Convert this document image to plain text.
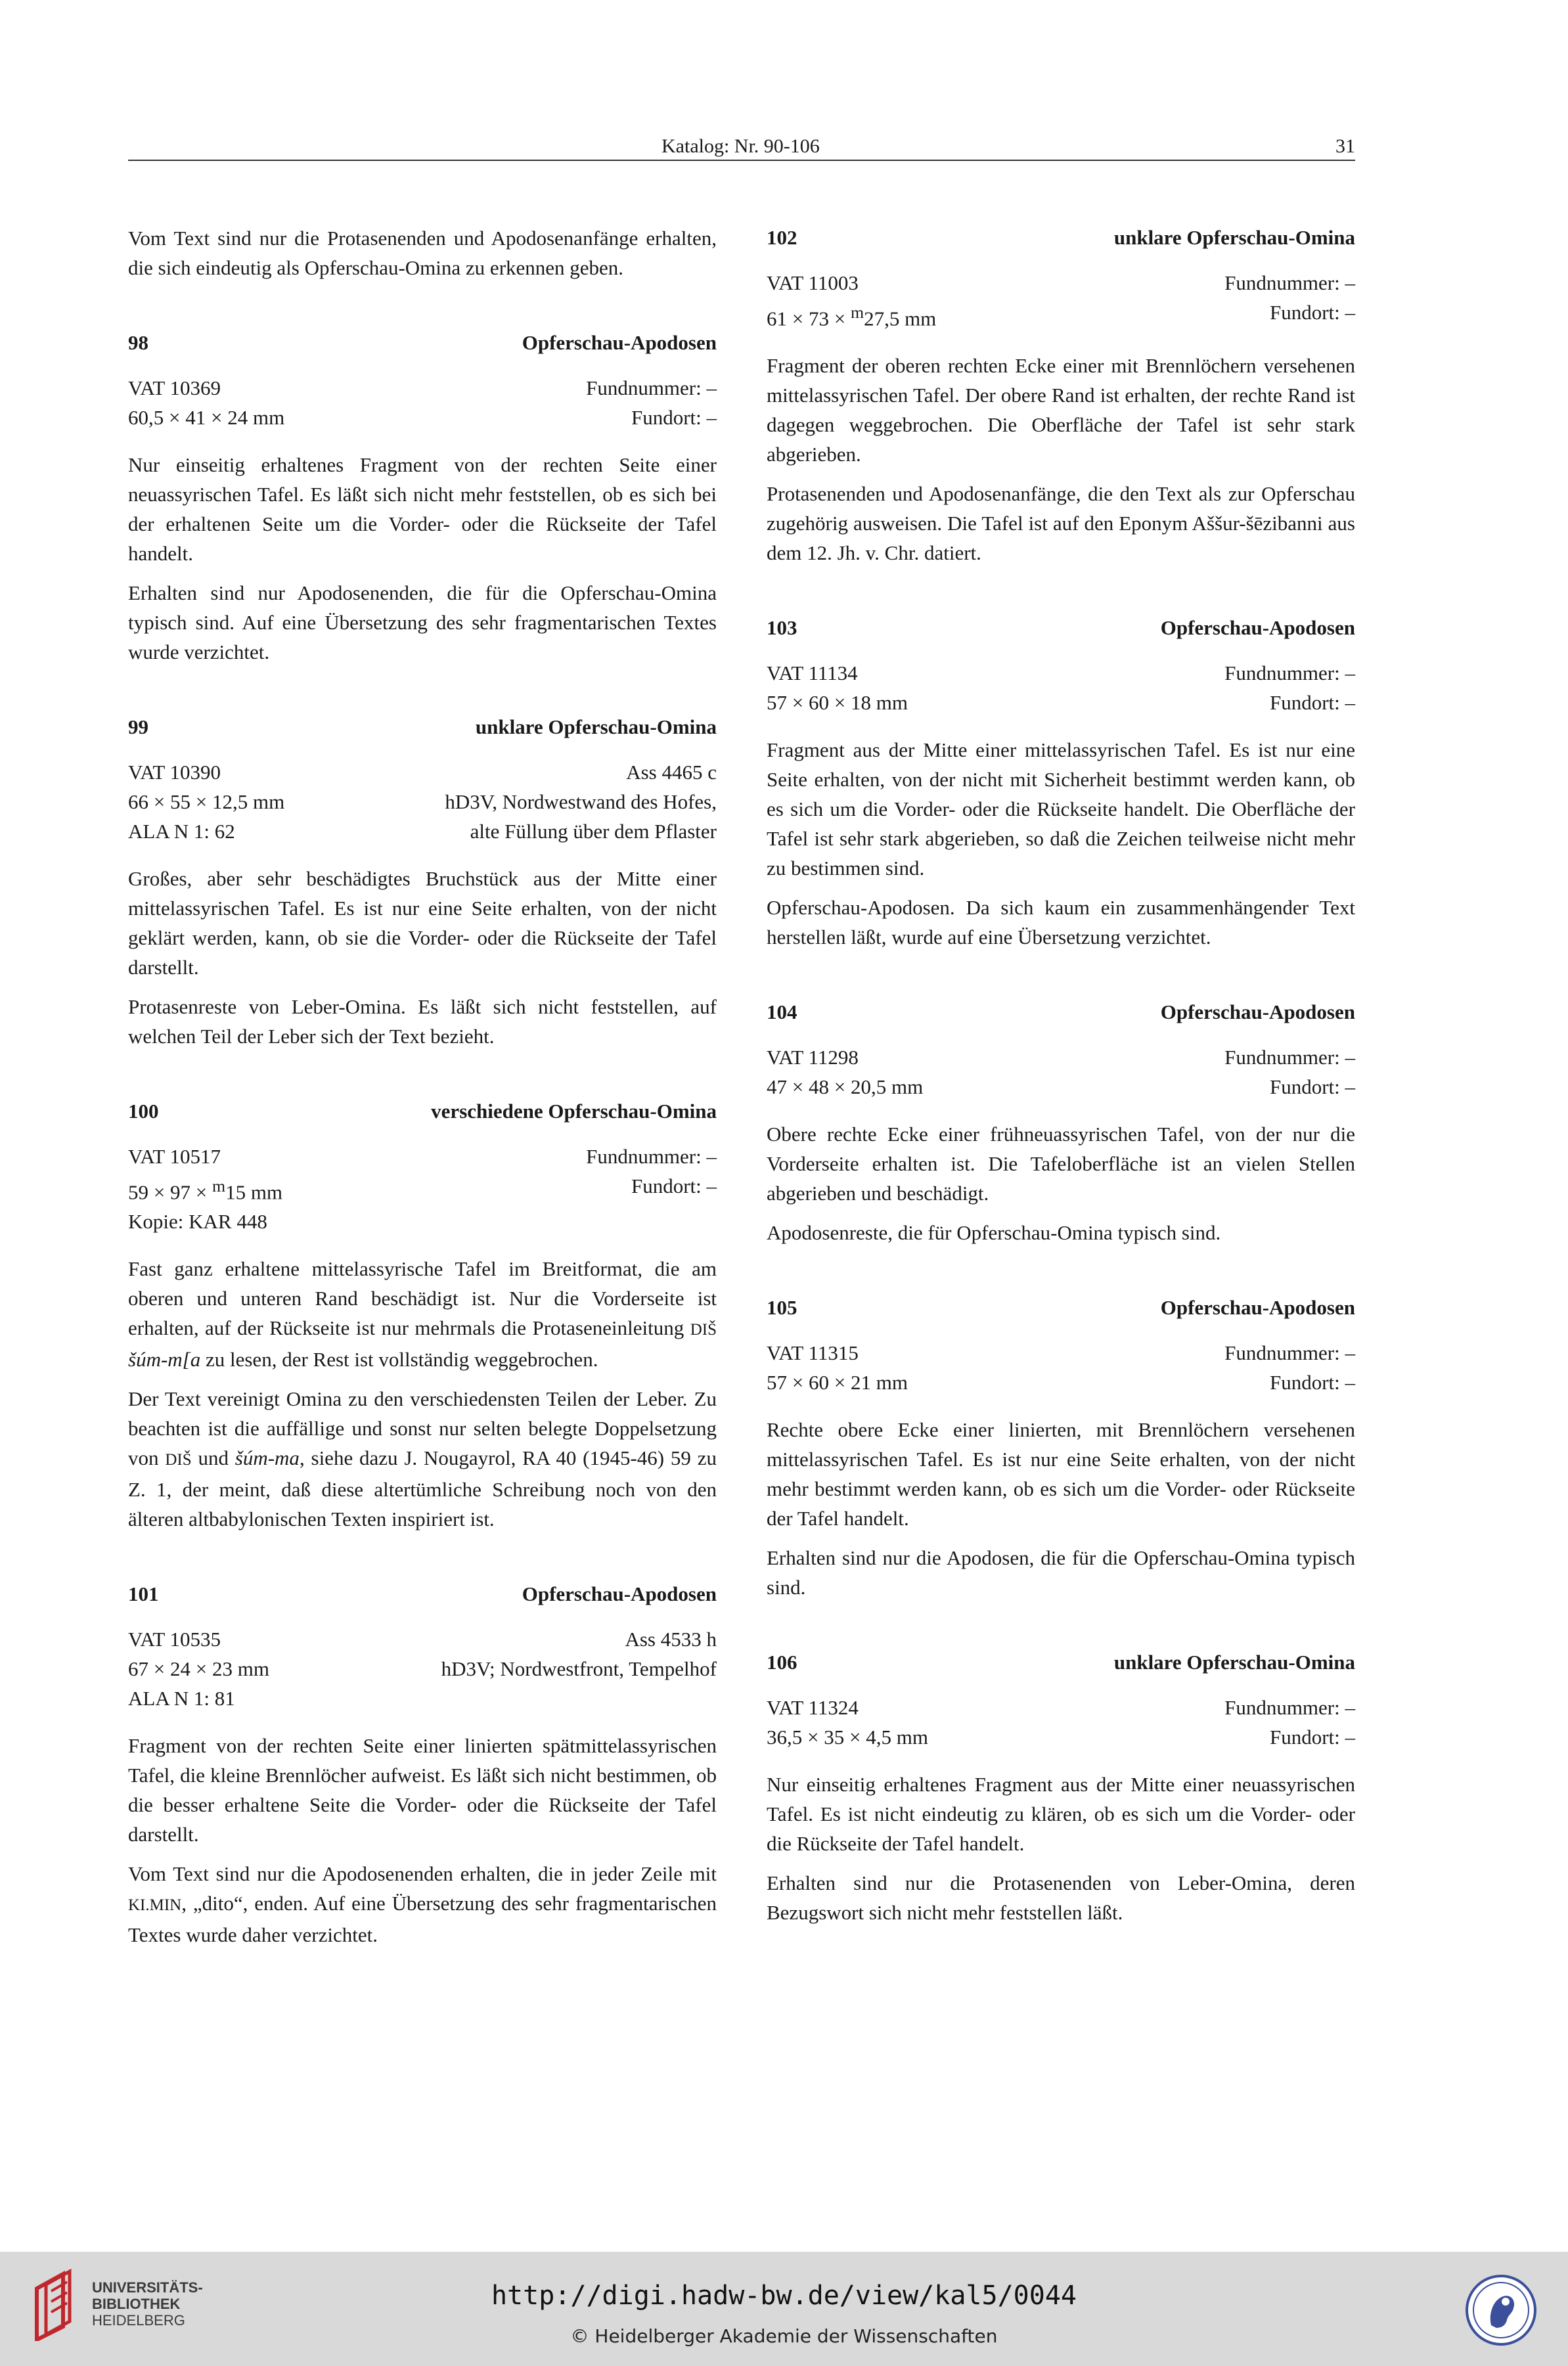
Katalog: Nr. 90-106	31

Vom Text sind nur die Protasenenden und Apodosenanfänge erhalten, die sich eindeutig als Opferschau-Omina zu erkennen geben.

98	Opferschau-Apodosen
VAT 10369	Fundnummer: –
60,5 × 41 × 24 mm	Fundort: –

Nur einseitig erhaltenes Fragment von der rechten Seite einer neuassyrischen Tafel. Es läßt sich nicht mehr feststellen, ob es sich bei der erhaltenen Seite um die Vorder- oder die Rückseite der Tafel handelt.

Erhalten sind nur Apodosenenden, die für die Opferschau-Omina typisch sind. Auf eine Übersetzung des sehr fragmentarischen Textes wurde verzichtet.

99	unklare Opferschau-Omina
VAT 10390	Ass 4465 c
66 × 55 × 12,5 mm	hD3V, Nordwestwand des Hofes,
ALA N 1: 62	alte Füllung über dem Pflaster

Großes, aber sehr beschädigtes Bruchstück aus der Mitte einer mittelassyrischen Tafel. Es ist nur eine Seite erhalten, von der nicht geklärt werden, kann, ob sie die Vorder- oder die Rückseite der Tafel darstellt.

Protasenreste von Leber-Omina. Es läßt sich nicht feststellen, auf welchen Teil der Leber sich der Text bezieht.

100	verschiedene Opferschau-Omina
VAT 10517	Fundnummer: –
59 × 97 × $^m$15 mm	Fundort: –
Kopie: KAR 448

Fast ganz erhaltene mittelassyrische Tafel im Breitformat, die am oberen und unteren Rand beschädigt ist. Nur die Vorderseite ist erhalten, auf der Rückseite ist nur mehrmals die Protaseneinleitung DIŠ šúm-m[a zu lesen, der Rest ist vollständig weggebrochen.

Der Text vereinigt Omina zu den verschiedensten Teilen der Leber. Zu beachten ist die auffällige und sonst nur selten belegte Doppelsetzung von DIŠ und šúm-ma, siehe dazu J. Nougayrol, RA 40 (1945-46) 59 zu Z. 1, der meint, daß diese altertümliche Schreibung noch von den älteren altbabylonischen Texten inspiriert ist.

101	Opferschau-Apodosen
VAT 10535	Ass 4533 h
67 × 24 × 23 mm	hD3V; Nordwestfront, Tempelhof
ALA N 1: 81

Fragment von der rechten Seite einer linierten spätmittelassyrischen Tafel, die kleine Brennlöcher aufweist. Es läßt sich nicht bestimmen, ob die besser erhaltene Seite die Vorder- oder die Rückseite der Tafel darstellt.

Vom Text sind nur die Apodosenenden erhalten, die in jeder Zeile mit KI.MIN, „dito“, enden. Auf eine Übersetzung des sehr fragmentarischen Textes wurde daher verzichtet.

102	unklare Opferschau-Omina
VAT 11003	Fundnummer: –
61 × 73 × $^m$27,5 mm	Fundort: –

Fragment der oberen rechten Ecke einer mit Brennlöchern versehenen mittelassyrischen Tafel. Der obere Rand ist erhalten, der rechte Rand ist dagegen weggebrochen. Die Oberfläche der Tafel ist sehr stark abgerieben.

Protasenenden und Apodosenanfänge, die den Text als zur Opferschau zugehörig ausweisen. Die Tafel ist auf den Eponym Aššur-šēzibanni aus dem 12. Jh. v. Chr. datiert.

103	Opferschau-Apodosen
VAT 11134	Fundnummer: –
57 × 60 × 18 mm	Fundort: –

Fragment aus der Mitte einer mittelassyrischen Tafel. Es ist nur eine Seite erhalten, von der nicht mit Sicherheit bestimmt werden kann, ob es sich um die Vorder- oder die Rückseite handelt. Die Oberfläche der Tafel ist sehr stark abgerieben, so daß die Zeichen teilweise nicht mehr zu bestimmen sind.

Opferschau-Apodosen. Da sich kaum ein zusammenhängender Text herstellen läßt, wurde auf eine Übersetzung verzichtet.

104	Opferschau-Apodosen
VAT 11298	Fundnummer: –
47 × 48 × 20,5 mm	Fundort: –

Obere rechte Ecke einer frühneuassyrischen Tafel, von der nur die Vorderseite erhalten ist. Die Tafeloberfläche ist an vielen Stellen abgerieben und beschädigt.

Apodosenreste, die für Opferschau-Omina typisch sind.

105	Opferschau-Apodosen
VAT 11315	Fundnummer: –
57 × 60 × 21 mm	Fundort: –

Rechte obere Ecke einer linierten, mit Brennlöchern versehenen mittelassyrischen Tafel. Es ist nur eine Seite erhalten, von der nicht mehr bestimmt werden kann, ob es sich um die Vorder- oder Rückseite der Tafel handelt.

Erhalten sind nur die Apodosen, die für die Opferschau-Omina typisch sind.

106	unklare Opferschau-Omina
VAT 11324	Fundnummer: –
36,5 × 35 × 4,5 mm	Fundort: –

Nur einseitig erhaltenes Fragment aus der Mitte einer neuassyrischen Tafel. Es ist nicht eindeutig zu klären, ob es sich um die Vorder- oder die Rückseite der Tafel handelt.

Erhalten sind nur die Protasenenden von Leber-Omina, deren Bezugswort sich nicht mehr feststellen läßt.

UNIVERSITÄTS-
BIBLIOTHEK
HEIDELBERG
http://digi.hadw-bw.de/view/kal5/0044
© Heidelberger Akademie der Wissenschaften
